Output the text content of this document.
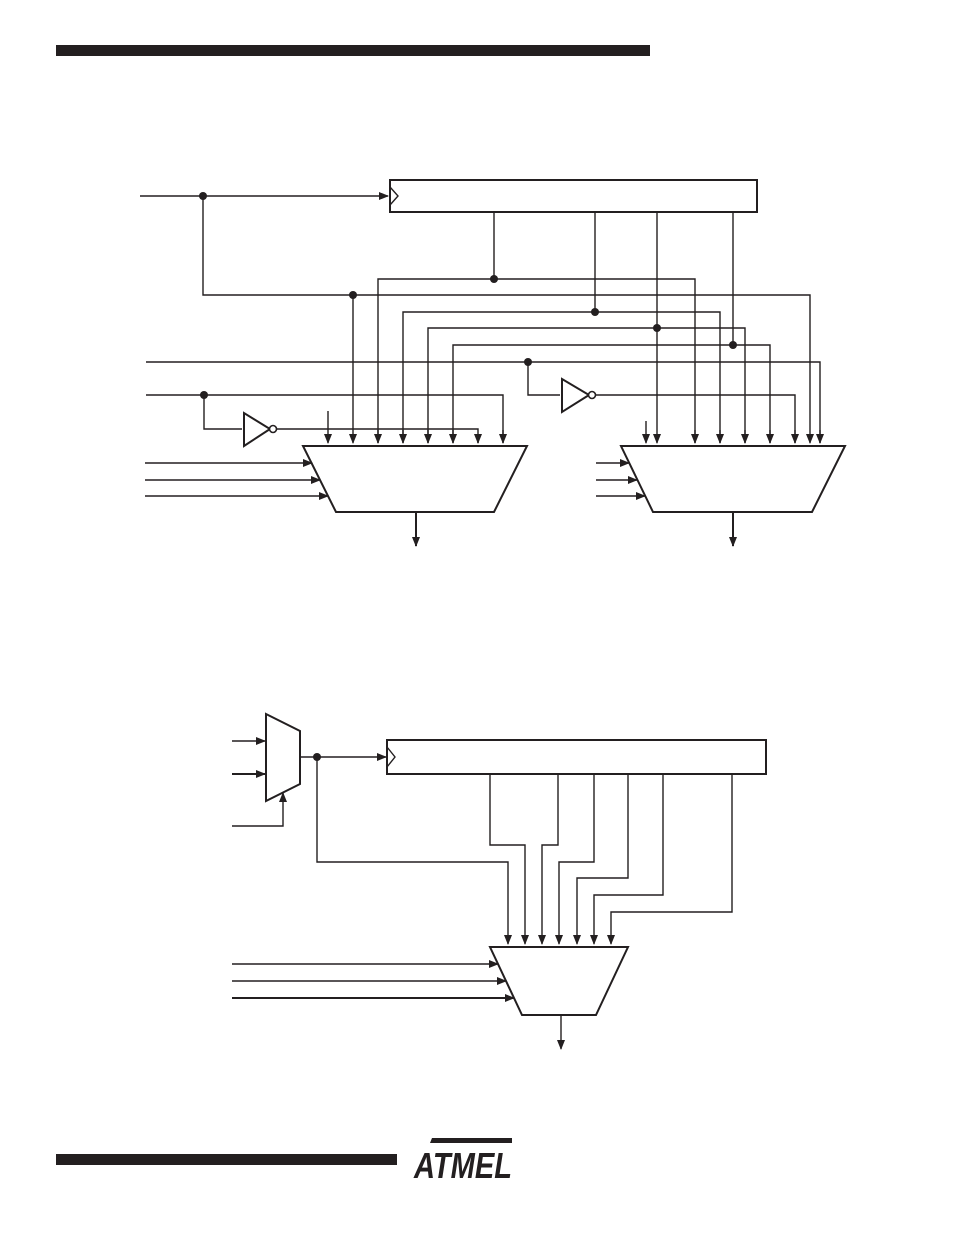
ATMEL
